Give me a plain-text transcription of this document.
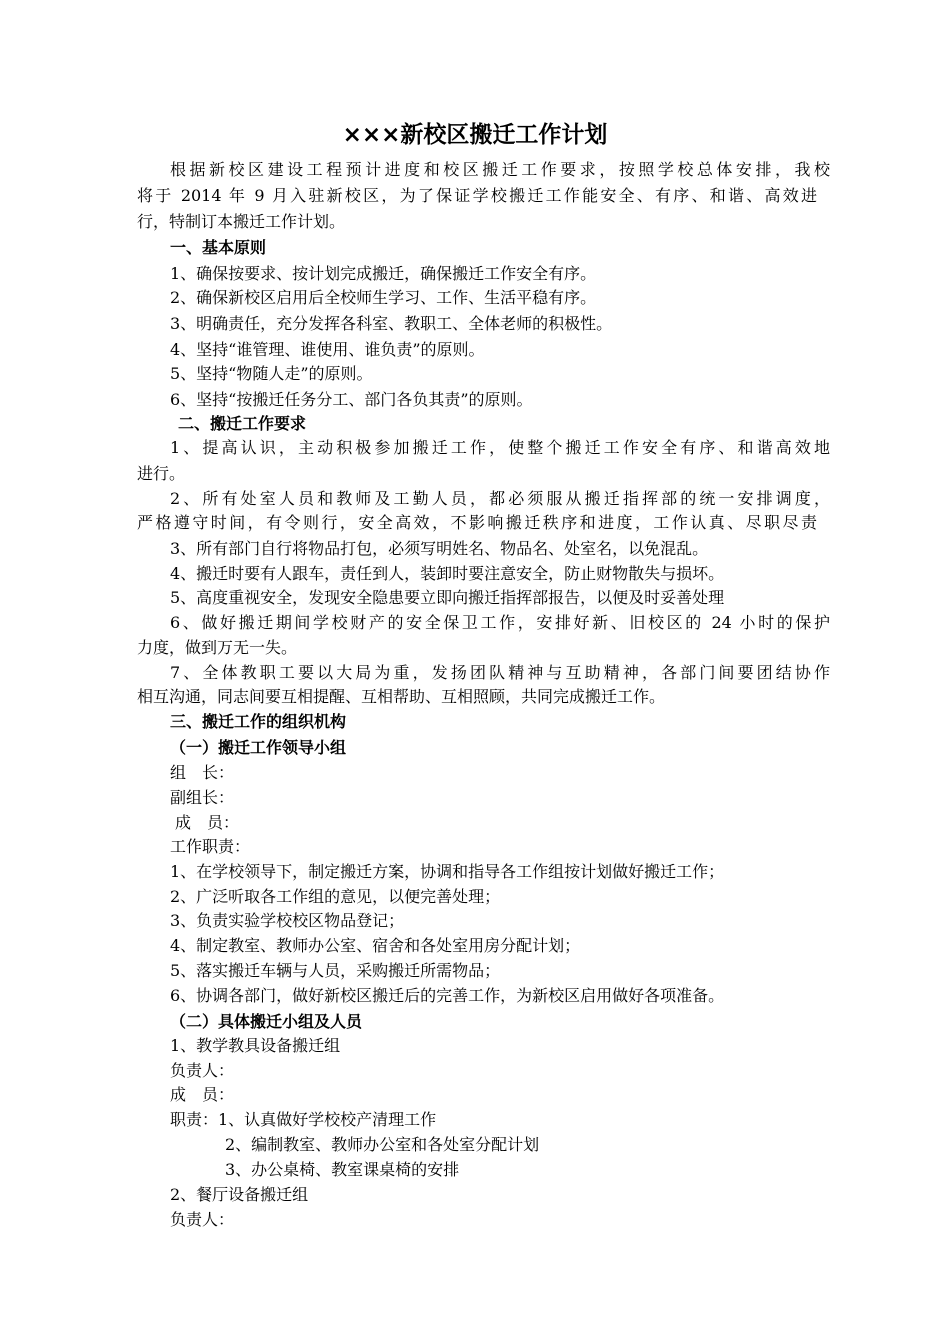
×××新校区搬迁工作计划
根据新校区建设工程预计进度和校区搬迁工作要求，按照学校总体安排，我校
将于 2014 年 9 月入驻新校区，为了保证学校搬迁工作能安全、有序、和谐、高效进
行，特制订本搬迁工作计划。
一、基本原则
1、确保按要求、按计划完成搬迁，确保搬迁工作安全有序。
2、确保新校区启用后全校师生学习、工作、生活平稳有序。
3、明确责任，充分发挥各科室、教职工、全体老师的积极性。
4、坚持“谁管理、谁使用、谁负责”的原则。
5、坚持“物随人走”的原则。
6、坚持“按搬迁任务分工、部门各负其责”的原则。
二、搬迁工作要求
1、提高认识，主动积极参加搬迁工作，使整个搬迁工作安全有序、和谐高效地
进行。
2、所有处室人员和教师及工勤人员，都必须服从搬迁指挥部的统一安排调度，
严格遵守时间，有令则行，安全高效，不影响搬迁秩序和进度，工作认真、尽职尽责
3、所有部门自行将物品打包，必须写明姓名、物品名、处室名，以免混乱。
4、搬迁时要有人跟车，责任到人，装卸时要注意安全，防止财物散失与损坏。
5、高度重视安全，发现安全隐患要立即向搬迁指挥部报告，以便及时妥善处理
6、做好搬迁期间学校财产的安全保卫工作，安排好新、旧校区的 24 小时的保护
力度，做到万无一失。
7、全体教职工要以大局为重，发扬团队精神与互助精神，各部门间要团结协作
相互沟通，同志间要互相提醒、互相帮助、互相照顾，共同完成搬迁工作。
三、搬迁工作的组织机构
（一）搬迁工作领导小组
组　长：
副组长：
成　员：
工作职责：
1、在学校领导下，制定搬迁方案，协调和指导各工作组按计划做好搬迁工作；
2、广泛听取各工作组的意见，以便完善处理；
3、负责实验学校校区物品登记；
4、制定教室、教师办公室、宿舍和各处室用房分配计划；
5、落实搬迁车辆与人员，采购搬迁所需物品；
6、协调各部门，做好新校区搬迁后的完善工作，为新校区启用做好各项准备。
（二）具体搬迁小组及人员
1、教学教具设备搬迁组
负责人：
成　员：
职责：1、认真做好学校校产清理工作
2、编制教室、教师办公室和各处室分配计划
3、办公桌椅、教室课桌椅的安排
2、餐厅设备搬迁组
负责人：
